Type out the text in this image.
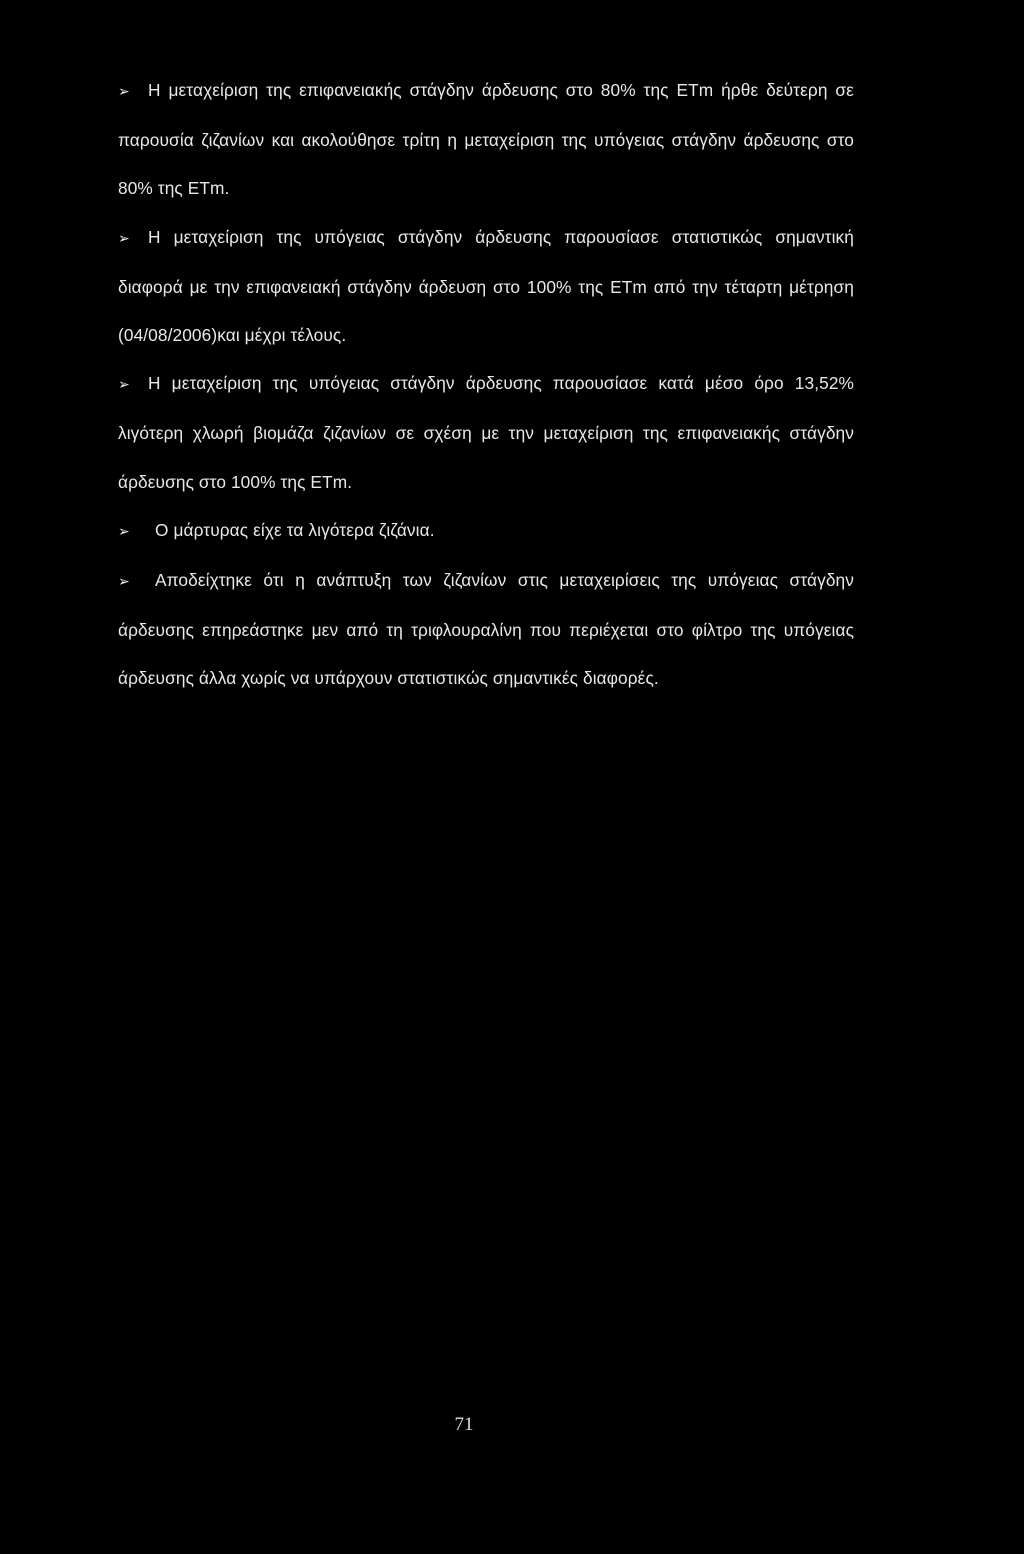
➢ Η μεταχείριση της επιφανειακής στάγδην άρδευσης στο 80% της ETm ήρθε δεύτερη σε παρουσία ζιζανίων και ακολούθησε τρίτη η μεταχείριση της υπόγειας στάγδην άρδευσης στο 80% της ETm.
➢ Η μεταχείριση της υπόγειας στάγδην άρδευσης παρουσίασε στατιστικώς σημαντική διαφορά με την επιφανειακή στάγδην άρδευση στο 100% της ETm από την τέταρτη μέτρηση (04/08/2006)και μέχρι τέλους.
➢ Η μεταχείριση της υπόγειας στάγδην άρδευσης παρουσίασε κατά μέσο όρο 13,52% λιγότερη χλωρή βιομάζα ζιζανίων σε σχέση με την μεταχείριση της επιφανειακής στάγδην άρδευσης στο 100% της ETm.
➢ Ο μάρτυρας είχε τα λιγότερα ζιζάνια.
➢ Αποδείχτηκε ότι η ανάπτυξη των ζιζανίων στις μεταχειρίσεις της υπόγειας στάγδην άρδευσης επηρεάστηκε μεν από τη τριφλουραλίνη που περιέχεται στο φίλτρο της υπόγειας άρδευσης άλλα χωρίς να υπάρχουν στατιστικώς σημαντικές διαφορές.
71
